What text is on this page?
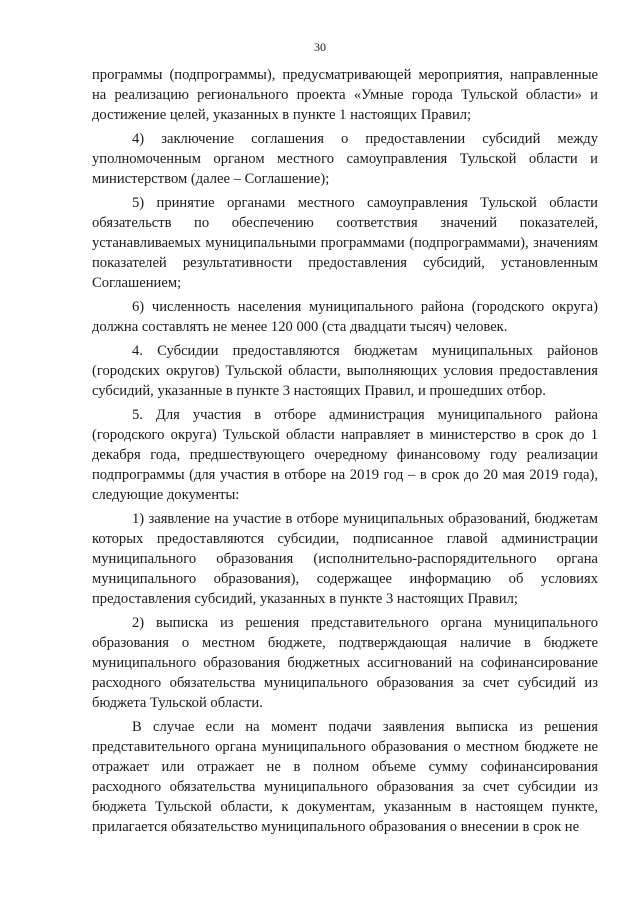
30

программы (подпрограммы), предусматривающей мероприятия, направленные на реализацию регионального проекта «Умные города Тульской области» и достижение целей, указанных в пункте 1 настоящих Правил;

4) заключение соглашения о предоставлении субсидий между уполномоченным органом местного самоуправления Тульской области и министерством (далее – Соглашение);

5) принятие органами местного самоуправления Тульской области обязательств по обеспечению соответствия значений показателей, устанавливаемых муниципальными программами (подпрограммами), значениям показателей результативности предоставления субсидий, установленным Соглашением;

6) численность населения муниципального района (городского округа) должна составлять не менее 120 000 (ста двадцати тысяч) человек.

4. Субсидии предоставляются бюджетам муниципальных районов (городских округов) Тульской области, выполняющих условия предоставления субсидий, указанные в пункте 3 настоящих Правил, и прошедших отбор.

5. Для участия в отборе администрация муниципального района (городского округа) Тульской области направляет в министерство в срок до 1 декабря года, предшествующего очередному финансовому году реализации подпрограммы (для участия в отборе на 2019 год – в срок до 20 мая 2019 года), следующие документы:

1) заявление на участие в отборе муниципальных образований, бюджетам которых предоставляются субсидии, подписанное главой администрации муниципального образования (исполнительно-распорядительного органа муниципального образования), содержащее информацию об условиях предоставления субсидий, указанных в пункте 3 настоящих Правил;

2) выписка из решения представительного органа муниципального образования о местном бюджете, подтверждающая наличие в бюджете муниципального образования бюджетных ассигнований на софинансирование расходного обязательства муниципального образования за счет субсидий из бюджета Тульской области.

В случае если на момент подачи заявления выписка из решения представительного органа муниципального образования о местном бюджете не отражает или отражает не в полном объеме сумму софинансирования расходного обязательства муниципального образования за счет субсидии из бюджета Тульской области, к документам, указанным в настоящем пункте, прилагается обязательство муниципального образования о внесении в срок не
